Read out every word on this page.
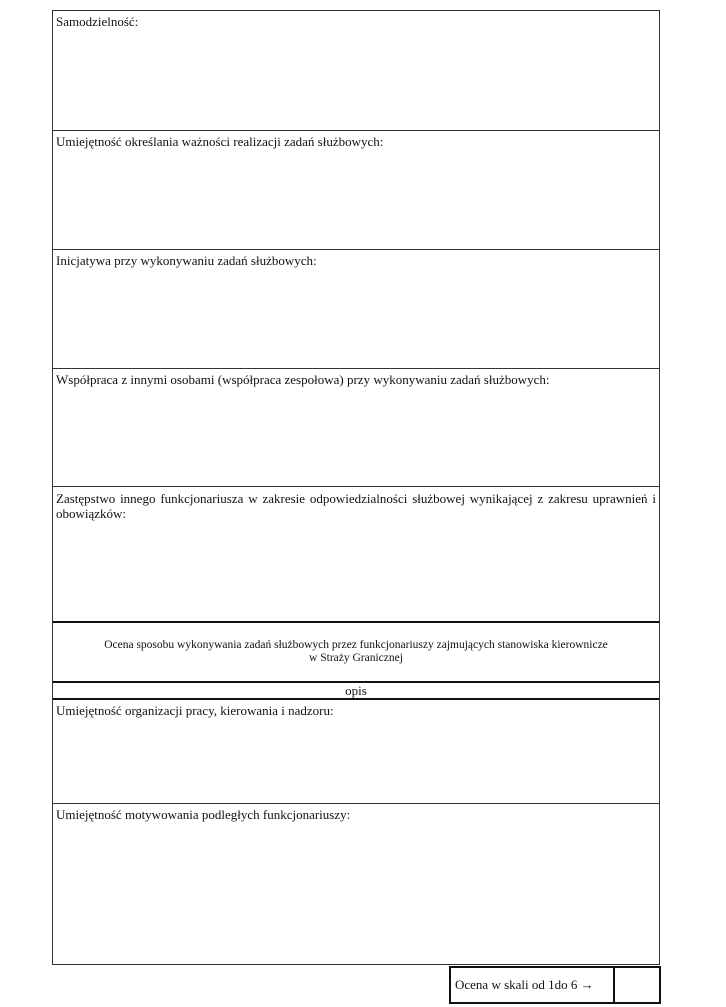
Samodzielność:
Umiejętność określania ważności realizacji zadań służbowych:
Inicjatywa przy wykonywaniu zadań służbowych:
Współpraca z innymi osobami (współpraca zespołowa) przy wykonywaniu zadań służbowych:
Zastępstwo innego funkcjonariusza w zakresie odpowiedzialności służbowej wynikającej z zakresu uprawnień i obowiązków:
Ocena sposobu wykonywania zadań służbowych przez funkcjonariuszy zajmujących stanowiska kierownicze
w Straży Granicznej
opis
Umiejętność organizacji pracy, kierowania i nadzoru:
Umiejętność motywowania podległych funkcjonariuszy:
Ocena w skali od 1do 6 →
